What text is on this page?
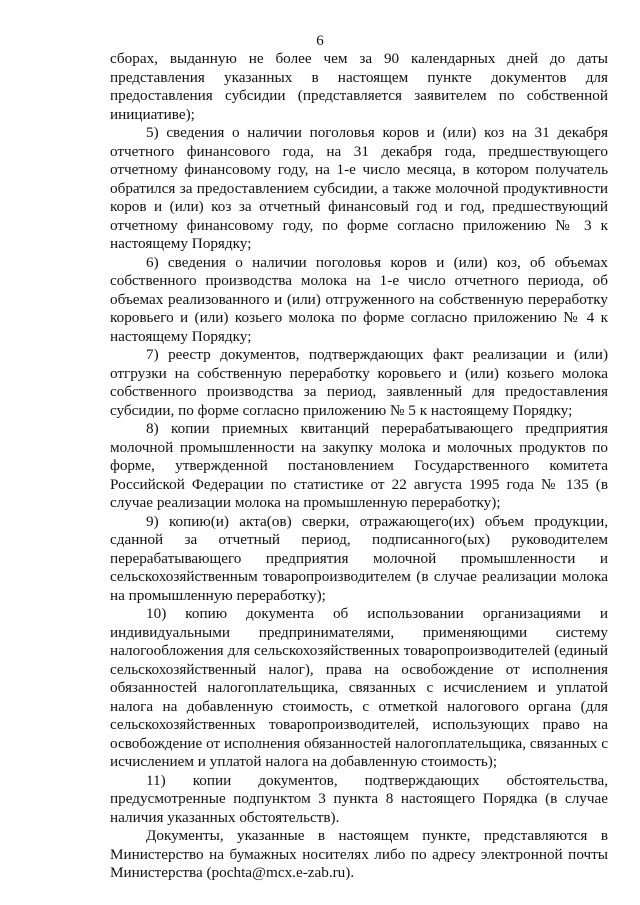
6

сборах, выданную не более чем за 90 календарных дней до даты представления указанных в настоящем пункте документов для предоставления субсидии (представляется заявителем по собственной инициативе);

5) сведения о наличии поголовья коров и (или) коз на 31 декабря отчетного финансового года, на 31 декабря года, предшествующего отчетному финансовому году, на 1-е число месяца, в котором получатель обратился за предоставлением субсидии, а также молочной продуктивности коров и (или) коз за отчетный финансовый год и год, предшествующий отчетному финансовому году, по форме согласно приложению № 3 к настоящему Порядку;

6) сведения о наличии поголовья коров и (или) коз, об объемах собственного производства молока на 1-е число отчетного периода, об объемах реализованного и (или) отгруженного на собственную переработку коровьего и (или) козьего молока по форме согласно приложению № 4 к настоящему Порядку;

7) реестр документов, подтверждающих факт реализации и (или) отгрузки на собственную переработку коровьего и (или) козьего молока собственного производства за период, заявленный для предоставления субсидии, по форме согласно приложению № 5 к настоящему Порядку;

8) копии приемных квитанций перерабатывающего предприятия молочной промышленности на закупку молока и молочных продуктов по форме, утвержденной постановлением Государственного комитета Российской Федерации по статистике от 22 августа 1995 года № 135 (в случае реализации молока на промышленную переработку);

9) копию(и) акта(ов) сверки, отражающего(их) объем продукции, сданной за отчетный период, подписанного(ых) руководителем перерабатывающего предприятия молочной промышленности и сельскохозяйственным товаропроизводителем (в случае реализации молока на промышленную переработку);

10) копию документа об использовании организациями и индивидуальными предпринимателями, применяющими систему налогообложения для сельскохозяйственных товаропроизводителей (единый сельскохозяйственный налог), права на освобождение от исполнения обязанностей налогоплательщика, связанных с исчислением и уплатой налога на добавленную стоимость, с отметкой налогового органа (для сельскохозяйственных товаропроизводителей, использующих право на освобождение от исполнения обязанностей налогоплательщика, связанных с исчислением и уплатой налога на добавленную стоимость);

11) копии документов, подтверждающих обстоятельства, предусмотренные подпунктом 3 пункта 8 настоящего Порядка (в случае наличия указанных обстоятельств).

Документы, указанные в настоящем пункте, представляются в Министерство на бумажных носителях либо по адресу электронной почты Министерства (pochta@mcx.e-zab.ru).
